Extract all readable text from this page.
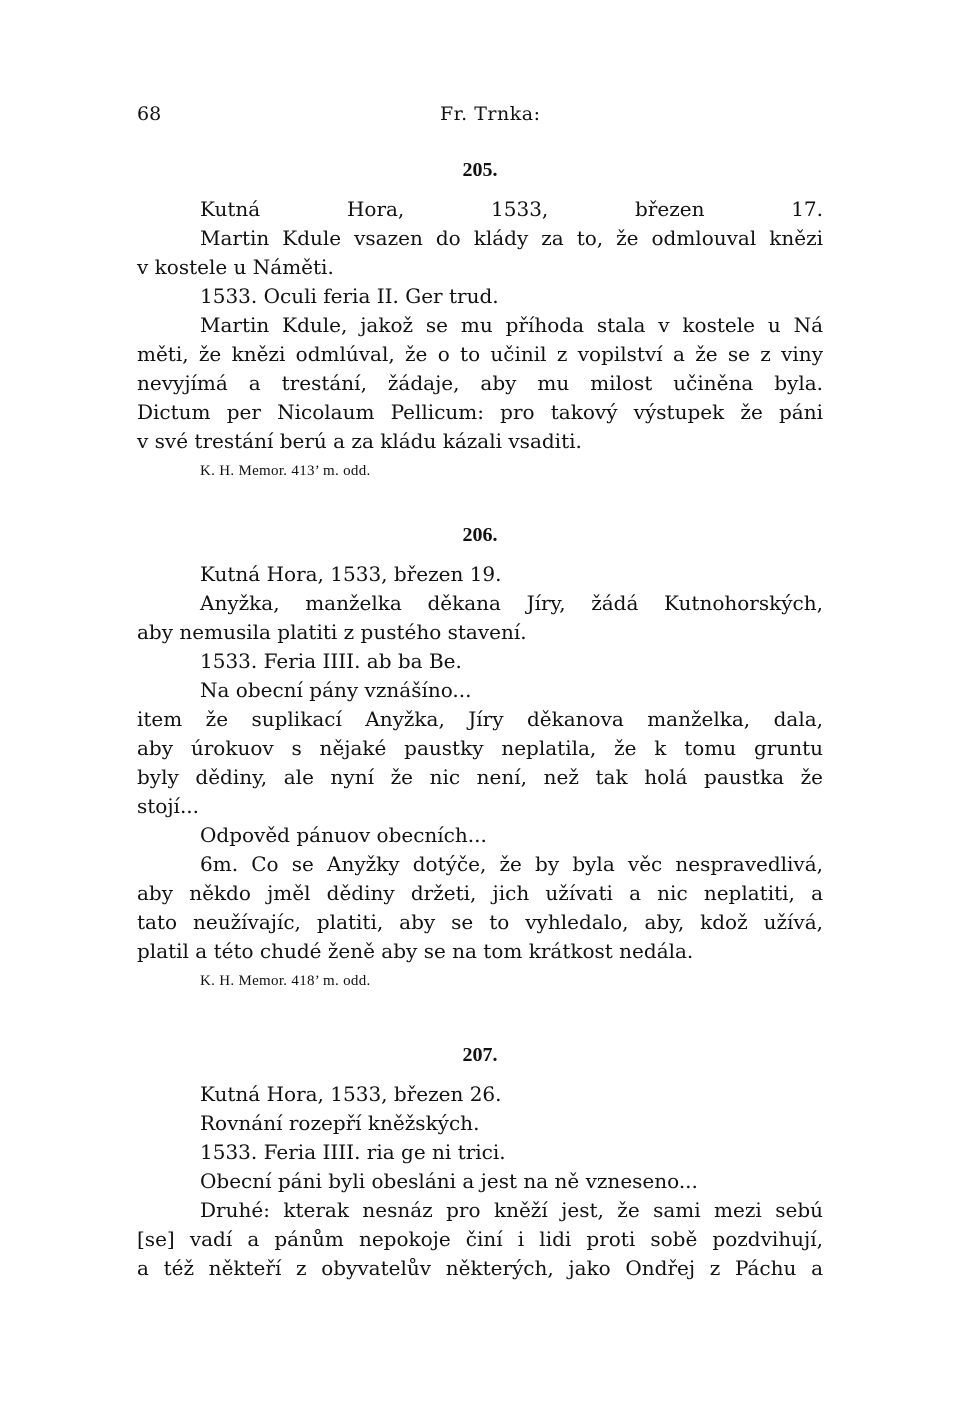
68	Fr. Trnka:
205.
Kutná Hora, 1533, březen 17.
Martin Kdule vsazen do klády za to, že odmlouval knězi
v kostele u Náměti.
1533. Oculi feria II. Ger trud.
Martin Kdule, jakož se mu příhoda stala v kostele u Ná
měti, že knězi odmlúval, že o to učinil z vopilství a že se z viny
nevyjímá a trestání, žádaje, aby mu milost učiněna byla.
Dictum per Nicolaum Pellicum: pro takový výstupek že páni
v své trestání berú a za kládu kázali vsaditi.
K. H. Memor. 413’ m. odd.
206.
Kutná Hora, 1533, březen 19.
Anyžka, manželka děkana Jíry, žádá Kutnohorských,
aby nemusila platiti z pustého stavení.
1533. Feria IIII. ab ba Be.
Na obecní pány vznášíno...
item že suplikací Anyžka, Jíry děkanova manželka, dala,
aby úrokuov s nějaké paustky neplatila, že k tomu gruntu
byly dědiny, ale nyní že nic není, než tak holá paustka že
stojí...
Odpověd pánuov obecních...
6m. Co se Anyžky dotýče, že by byla věc nespravedlivá,
aby někdo jměl dědiny držeti, jich užívati a nic neplatiti, a
tato neužívajíc, platiti, aby se to vyhledalo, aby, kdož užívá,
platil a této chudé ženě aby se na tom krátkost nedála.
K. H. Memor. 418’ m. odd.
207.
Kutná Hora, 1533, březen 26.
Rovnání rozepří kněžských.
1533. Feria IIII. ria ge ni trici.
Obecní páni byli obesláni a jest na ně vzneseno...
Druhé: kterak nesnáz pro kněží jest, že sami mezi sebú
[se] vadí a pánům nepokoje činí i lidi proti sobě pozdvihují,
a též někteří z obyvatelův některých, jako Ondřej z Páchu a
